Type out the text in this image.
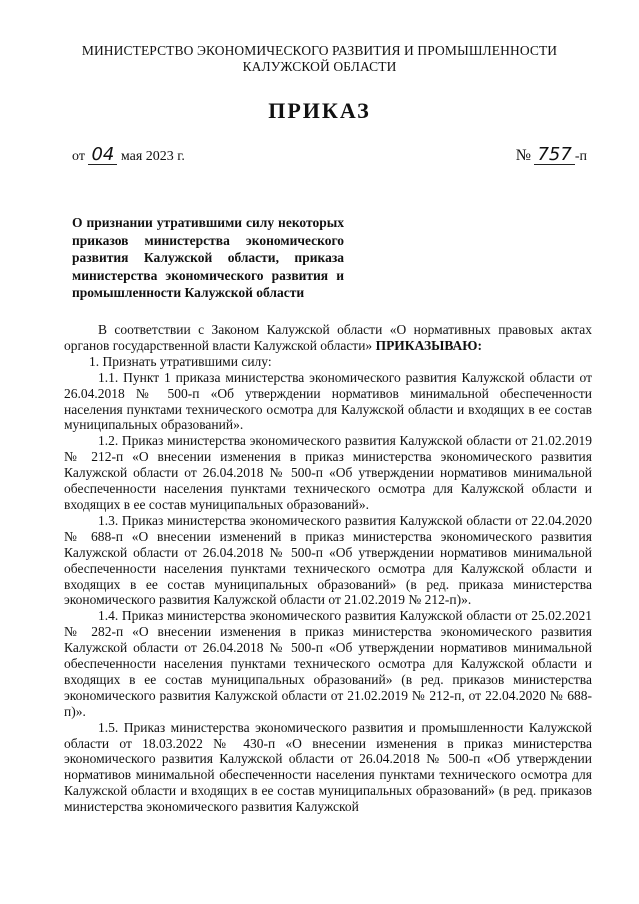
МИНИСТЕРСТВО ЭКОНОМИЧЕСКОГО РАЗВИТИЯ И ПРОМЫШЛЕННОСТИ
КАЛУЖСКОЙ ОБЛАСТИ
ПРИКАЗ
от 04 мая 2023 г.	№ 757 -п
О признании утратившими силу некоторых приказов министерства экономического развития Калужской области, приказа министерства экономического развития и промышленности Калужской области

В соответствии с Законом Калужской области «О нормативных правовых актах органов государственной власти Калужской области» ПРИКАЗЫВАЮ:

1. Признать утратившими силу:

1.1. Пункт 1 приказа министерства экономического развития Калужской области от 26.04.2018 № 500-п «Об утверждении нормативов минимальной обеспеченности населения пунктами технического осмотра для Калужской области и входящих в ее состав муниципальных образований».

1.2. Приказ министерства экономического развития Калужской области от 21.02.2019 № 212-п «О внесении изменения в приказ министерства экономического развития Калужской области от 26.04.2018 № 500-п «Об утверждении нормативов минимальной обеспеченности населения пунктами технического осмотра для Калужской области и входящих в ее состав муниципальных образований».

1.3. Приказ министерства экономического развития Калужской области от 22.04.2020 № 688-п «О внесении изменений в приказ министерства экономического развития Калужской области от 26.04.2018 № 500-п «Об утверждении нормативов минимальной обеспеченности населения пунктами технического осмотра для Калужской области и входящих в ее состав муниципальных образований» (в ред. приказа министерства экономического развития Калужской области от 21.02.2019 № 212-п)».

1.4. Приказ министерства экономического развития Калужской области от 25.02.2021 № 282-п «О внесении изменения в приказ министерства экономического развития Калужской области от 26.04.2018 № 500-п «Об утверждении нормативов минимальной обеспеченности населения пунктами технического осмотра для Калужской области и входящих в ее состав муниципальных образований» (в ред. приказов министерства экономического развития Калужской области от 21.02.2019 № 212-п, от 22.04.2020 № 688-п)».

1.5. Приказ министерства экономического развития и промышленности Калужской области от 18.03.2022 № 430-п «О внесении изменения в приказ министерства экономического развития Калужской области от 26.04.2018 № 500-п «Об утверждении нормативов минимальной обеспеченности населения пунктами технического осмотра для Калужской области и входящих в ее состав муниципальных образований» (в ред. приказов министерства экономического развития Калужской
